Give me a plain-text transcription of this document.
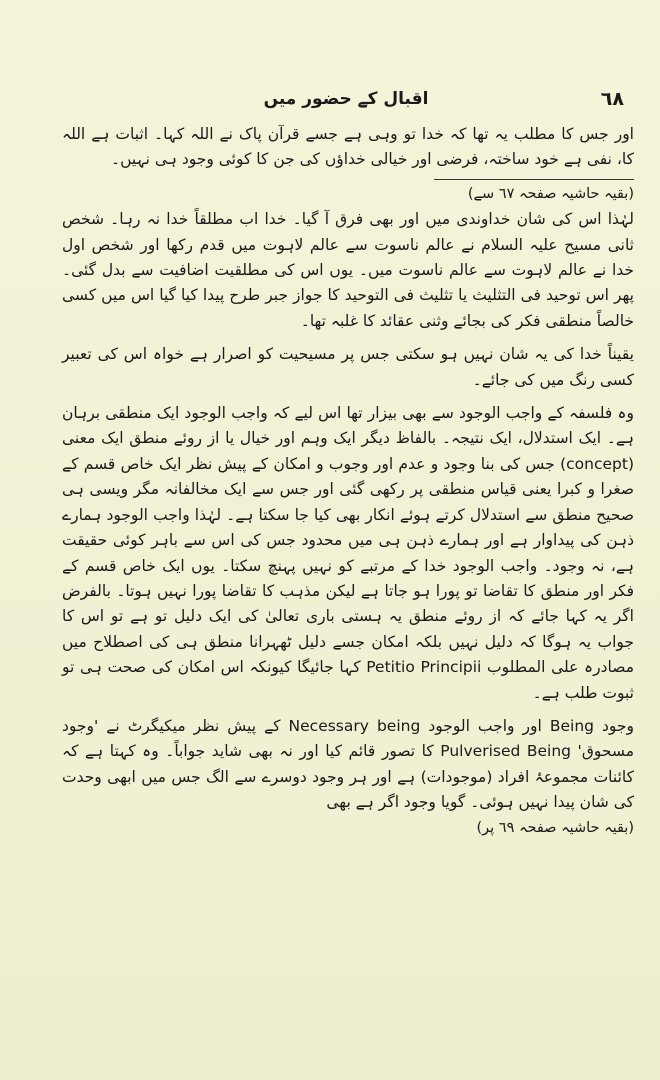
٦٨
اقبال کے حضور میں

اور جس کا مطلب یہ تھا کہ خدا تو وہی ہے جسے قرآن پاک نے اللہ کہا۔ اثبات ہے اللہ کا، نفی ہے خود ساختہ، فرضی اور خیالی خداؤں کی جن کا کوئی وجود ہی نہیں۔

(بقیہ حاشیہ صفحہ ٦٧ سے)

لہٰذا اس کی شان خداوندی میں اور بھی فرق آ گیا۔ خدا اب مطلقاً خدا نہ رہا۔ شخص ثانی مسیح علیہ السلام نے عالم ناسوت سے عالم لاہوت میں قدم رکھا اور شخص اول خدا نے عالم لاہوت سے عالم ناسوت میں۔ یوں اس کی مطلقیت اضافیت سے بدل گئی۔ پھر اس توحید فی التثلیث یا تثلیث فی التوحید کا جواز جبر طرح پیدا کیا گیا اس میں کسی خالصاً منطقی فکر کی بجائے وثنی عقائد کا غلبہ تھا۔

یقیناً خدا کی یہ شان نہیں ہو سکتی جس پر مسیحیت کو اصرار ہے خواہ اس کی تعبیر کسی رنگ میں کی جائے۔

وہ فلسفہ کے واجب الوجود سے بھی بیزار تھا اس لیے کہ واجب الوجود ایک منطقی برہان ہے۔ ایک استدلال، ایک نتیجہ۔ بالفاظ دیگر ایک وہم اور خیال یا از روئے منطق ایک معنی (concept) جس کی بنا وجود و عدم اور وجوب و امکان کے پیش نظر ایک خاص قسم کے صغرا و کبرا یعنی قیاس منطقی پر رکھی گئی اور جس سے ایک مخالفانہ مگر ویسی ہی صحیح منطق سے استدلال کرتے ہوئے انکار بھی کیا جا سکتا ہے۔ لہٰذا واجب الوجود ہمارے ذہن کی پیداوار ہے اور ہمارے ذہن ہی میں محدود جس کی اس سے باہر کوئی حقیقت ہے، نہ وجود۔ واجب الوجود خدا کے مرتبے کو نہیں پہنچ سکتا۔ یوں ایک خاص قسم کے فکر اور منطق کا تقاضا تو پورا ہو جاتا ہے لیکن مذہب کا تقاضا پورا نہیں ہوتا۔ بالفرض اگر یہ کہا جائے کہ از روئے منطق یہ ہستی باری تعالیٰ کی ایک دلیل تو ہے تو اس کا جواب یہ ہوگا کہ دلیل نہیں بلکہ امکان جسے دلیل ٹھہرانا منطق ہی کی اصطلاح میں مصادرہ علی المطلوب Petitio Principii کہا جائیگا کیونکہ اس امکان کی صحت ہی تو ثبوت طلب ہے۔

وجود Being اور واجب الوجود Necessary being کے پیش نظر میکیگرٹ نے 'وجود مسحوق' Pulverised Being کا تصور قائم کیا اور نہ بھی شاید جواباً۔ وہ کہتا ہے کہ کائنات مجموعۂ افراد (موجودات) ہے اور ہر وجود دوسرے سے الگ جس میں ابھی وحدت کی شان پیدا نہیں ہوئی۔ گویا وجود اگر ہے بھی

(بقیہ حاشیہ صفحہ ٦٩ پر)
